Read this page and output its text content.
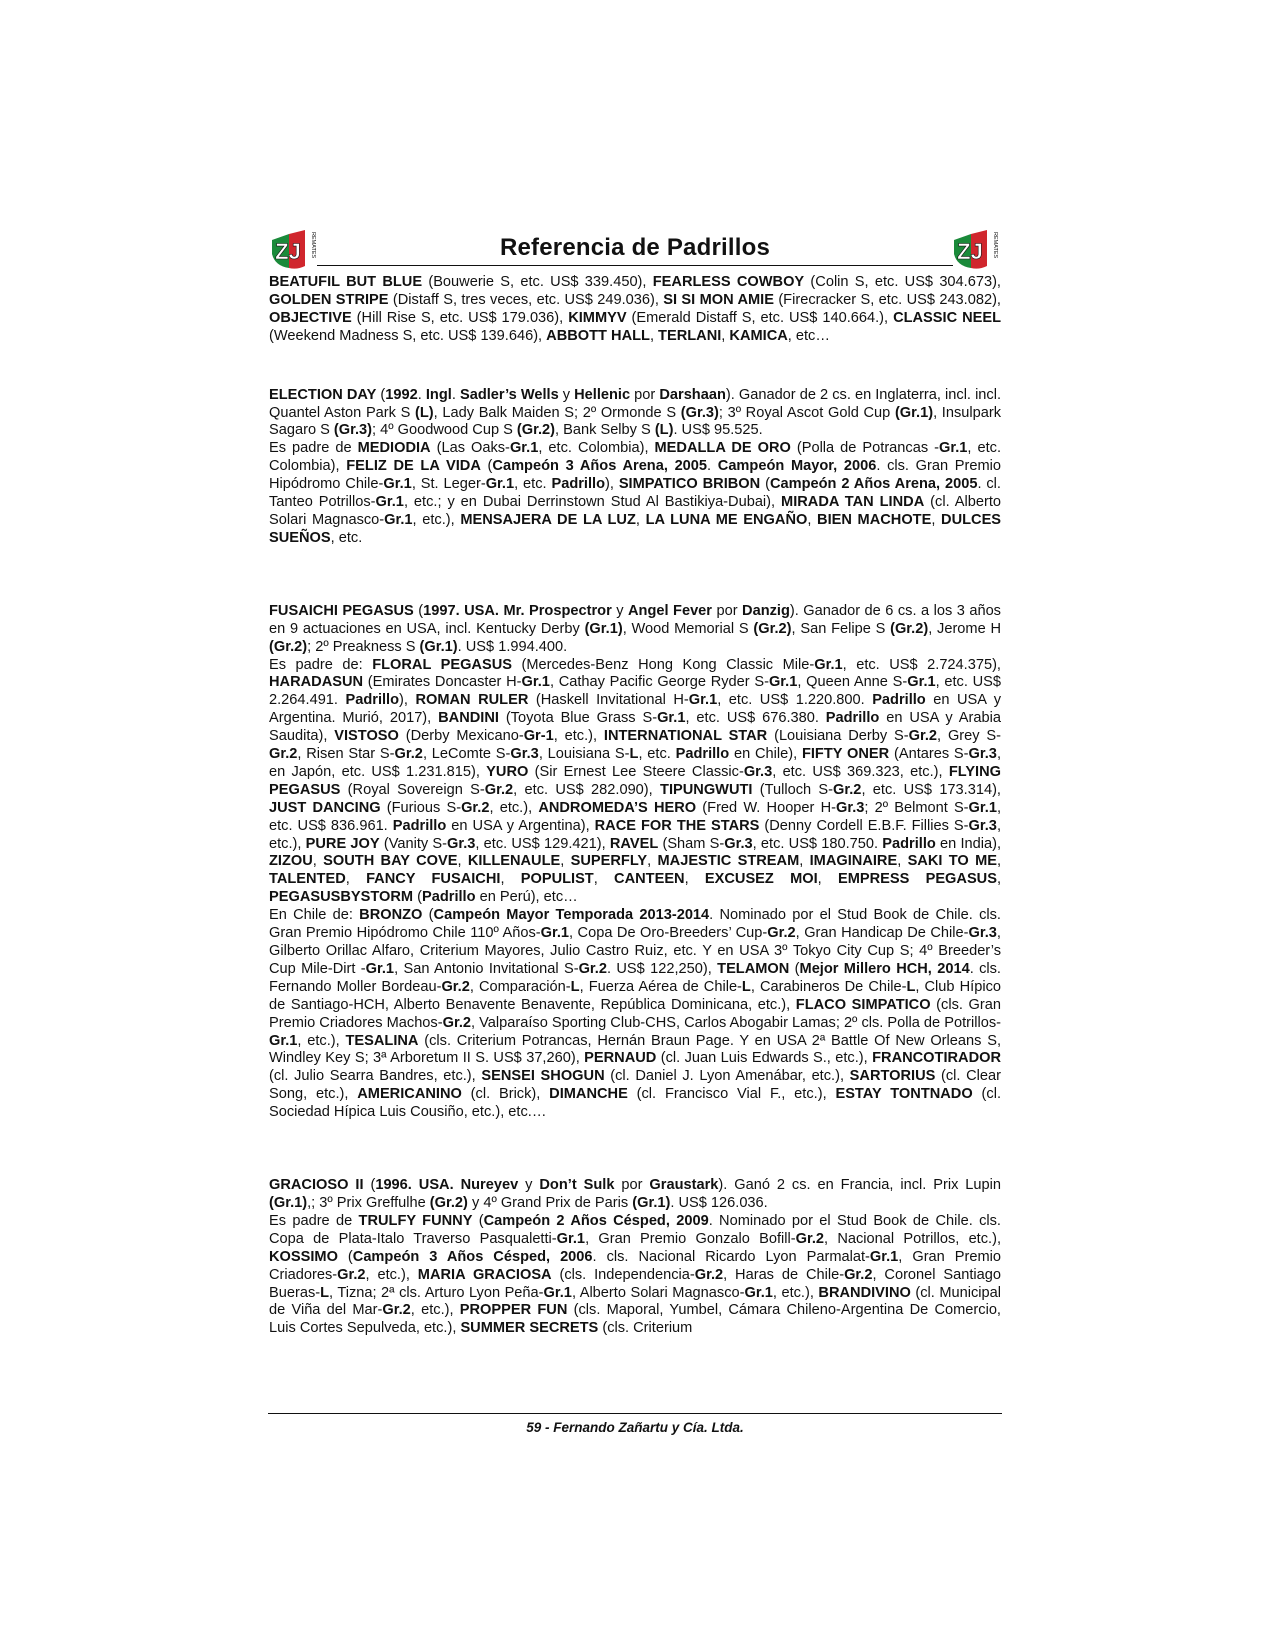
ZJ REMATES	Referencia de Padrillos	ZJ REMATES

BEATUFIL BUT BLUE (Bouwerie S, etc. US$ 339.450), FEARLESS COWBOY (Colin S, etc. US$ 304.673), GOLDEN STRIPE (Distaff S, tres veces, etc. US$ 249.036), SI SI MON AMIE (Firecracker S, etc. US$ 243.082), OBJECTIVE (Hill Rise S, etc. US$ 179.036), KIMMYV (Emerald Distaff S, etc. US$ 140.664.), CLASSIC NEEL (Weekend Madness S, etc. US$ 139.646), ABBOTT HALL, TERLANI, KAMICA, etc…

ELECTION DAY (1992. Ingl. Sadler’s Wells y Hellenic por Darshaan). Ganador de 2 cs. en Inglaterra, incl. incl. Quantel Aston Park S (L), Lady Balk Maiden S; 2º Ormonde S (Gr.3); 3º Royal Ascot Gold Cup (Gr.1), Insulpark Sagaro S (Gr.3); 4º Goodwood Cup S (Gr.2), Bank Selby S (L). US$ 95.525.

Es padre de MEDIODIA (Las Oaks-Gr.1, etc. Colombia), MEDALLA DE ORO (Polla de Potrancas -Gr.1, etc. Colombia), FELIZ DE LA VIDA (Campeón 3 Años Arena, 2005. Campeón Mayor, 2006. cls. Gran Premio Hipódromo Chile-Gr.1, St. Leger-Gr.1, etc. Padrillo), SIMPATICO BRIBON (Campeón 2 Años Arena, 2005. cl. Tanteo Potrillos-Gr.1, etc.; y en Dubai Derrinstown Stud Al Bastikiya-Dubai), MIRADA TAN LINDA (cl. Alberto Solari Magnasco-Gr.1, etc.), MENSAJERA DE LA LUZ, LA LUNA ME ENGAÑO, BIEN MACHOTE, DULCES SUEÑOS, etc.

FUSAICHI PEGASUS (1997. USA. Mr. Prospectror y Angel Fever por Danzig). Ganador de 6 cs. a los 3 años en 9 actuaciones en USA, incl. Kentucky Derby (Gr.1), Wood Memorial S (Gr.2), San Felipe S (Gr.2), Jerome H (Gr.2); 2º Preakness S (Gr.1). US$ 1.994.400.

Es padre de: FLORAL PEGASUS (Mercedes-Benz Hong Kong Classic Mile-Gr.1, etc. US$ 2.724.375), HARADASUN (Emirates Doncaster H-Gr.1, Cathay Pacific George Ryder S-Gr.1, Queen Anne S-Gr.1, etc. US$ 2.264.491. Padrillo), ROMAN RULER (Haskell Invitational H-Gr.1, etc. US$ 1.220.800. Padrillo en USA y Argentina. Murió, 2017), BANDINI (Toyota Blue Grass S-Gr.1, etc. US$ 676.380. Padrillo en USA y Arabia Saudita), VISTOSO (Derby Mexicano-Gr-1, etc.), INTERNATIONAL STAR (Louisiana Derby S-Gr.2, Grey S-Gr.2, Risen Star S-Gr.2, LeComte S-Gr.3, Louisiana S-L, etc. Padrillo en Chile), FIFTY ONER (Antares S-Gr.3, en Japón, etc. US$ 1.231.815), YURO (Sir Ernest Lee Steere Classic-Gr.3, etc. US$ 369.323, etc.), FLYING PEGASUS (Royal Sovereign S-Gr.2, etc. US$ 282.090), TIPUNGWUTI (Tulloch S-Gr.2, etc. US$ 173.314), JUST DANCING (Furious S-Gr.2, etc.), ANDROMEDA’S HERO (Fred W. Hooper H-Gr.3; 2º Belmont S-Gr.1, etc. US$ 836.961. Padrillo en USA y Argentina), RACE FOR THE STARS (Denny Cordell E.B.F. Fillies S-Gr.3, etc.), PURE JOY (Vanity S-Gr.3, etc. US$ 129.421), RAVEL (Sham S-Gr.3, etc. US$ 180.750. Padrillo en India), ZIZOU, SOUTH BAY COVE, KILLENAULE, SUPERFLY, MAJESTIC STREAM, IMAGINAIRE, SAKI TO ME, TALENTED, FANCY FUSAICHI, POPULIST, CANTEEN, EXCUSEZ MOI, EMPRESS PEGASUS, PEGASUSBYSTORM (Padrillo en Perú), etc…

En Chile de: BRONZO (Campeón Mayor Temporada 2013-2014. Nominado por el Stud Book de Chile. cls. Gran Premio Hipódromo Chile 110º Años-Gr.1, Copa De Oro-Breeders’ Cup-Gr.2, Gran Handicap De Chile-Gr.3, Gilberto Orillac Alfaro, Criterium Mayores, Julio Castro Ruiz, etc. Y en USA 3º Tokyo City Cup S; 4º Breeder’s Cup Mile-Dirt -Gr.1, San Antonio Invitational S-Gr.2. US$ 122,250), TELAMON (Mejor Millero HCH, 2014. cls. Fernando Moller Bordeau-Gr.2, Comparación-L, Fuerza Aérea de Chile-L, Carabineros De Chile-L, Club Hípico de Santiago-HCH, Alberto Benavente Benavente, República Dominicana, etc.), FLACO SIMPATICO (cls. Gran Premio Criadores Machos-Gr.2, Valparaíso Sporting Club-CHS, Carlos Abogabir Lamas; 2º cls. Polla de Potrillos-Gr.1, etc.), TESALINA (cls. Criterium Potrancas, Hernán Braun Page. Y en USA 2ª Battle Of New Orleans S, Windley Key S; 3ª Arboretum II S. US$ 37,260), PERNAUD (cl. Juan Luis Edwards S., etc.), FRANCOTIRADOR (cl. Julio Searra Bandres, etc.), SENSEI SHOGUN (cl. Daniel J. Lyon Amenábar, etc.), SARTORIUS (cl. Clear Song, etc.), AMERICANINO (cl. Brick), DIMANCHE (cl. Francisco Vial F., etc.), ESTAY TONTNADO (cl. Sociedad Hípica Luis Cousiño, etc.), etc.…

GRACIOSO II (1996. USA. Nureyev y Don’t Sulk por Graustark). Ganó 2 cs. en Francia, incl. Prix Lupin (Gr.1),; 3º Prix Greffulhe (Gr.2) y 4º Grand Prix de Paris (Gr.1). US$ 126.036.

Es padre de TRULFY FUNNY (Campeón 2 Años Césped, 2009. Nominado por el Stud Book de Chile. cls. Copa de Plata-Italo Traverso Pasqualetti-Gr.1, Gran Premio Gonzalo Bofill-Gr.2, Nacional Potrillos, etc.), KOSSIMO (Campeón 3 Años Césped, 2006. cls. Nacional Ricardo Lyon Parmalat-Gr.1, Gran Premio Criadores-Gr.2, etc.), MARIA GRACIOSA (cls. Independencia-Gr.2, Haras de Chile-Gr.2, Coronel Santiago Bueras-L, Tizna; 2ª cls. Arturo Lyon Peña-Gr.1, Alberto Solari Magnasco-Gr.1, etc.), BRANDIVINO (cl. Municipal de Viña del Mar-Gr.2, etc.), PROPPER FUN (cls. Maporal, Yumbel, Cámara Chileno-Argentina De Comercio, Luis Cortes Sepulveda, etc.), SUMMER SECRETS (cls. Criterium

59 - Fernando Zañartu y Cía. Ltda.
